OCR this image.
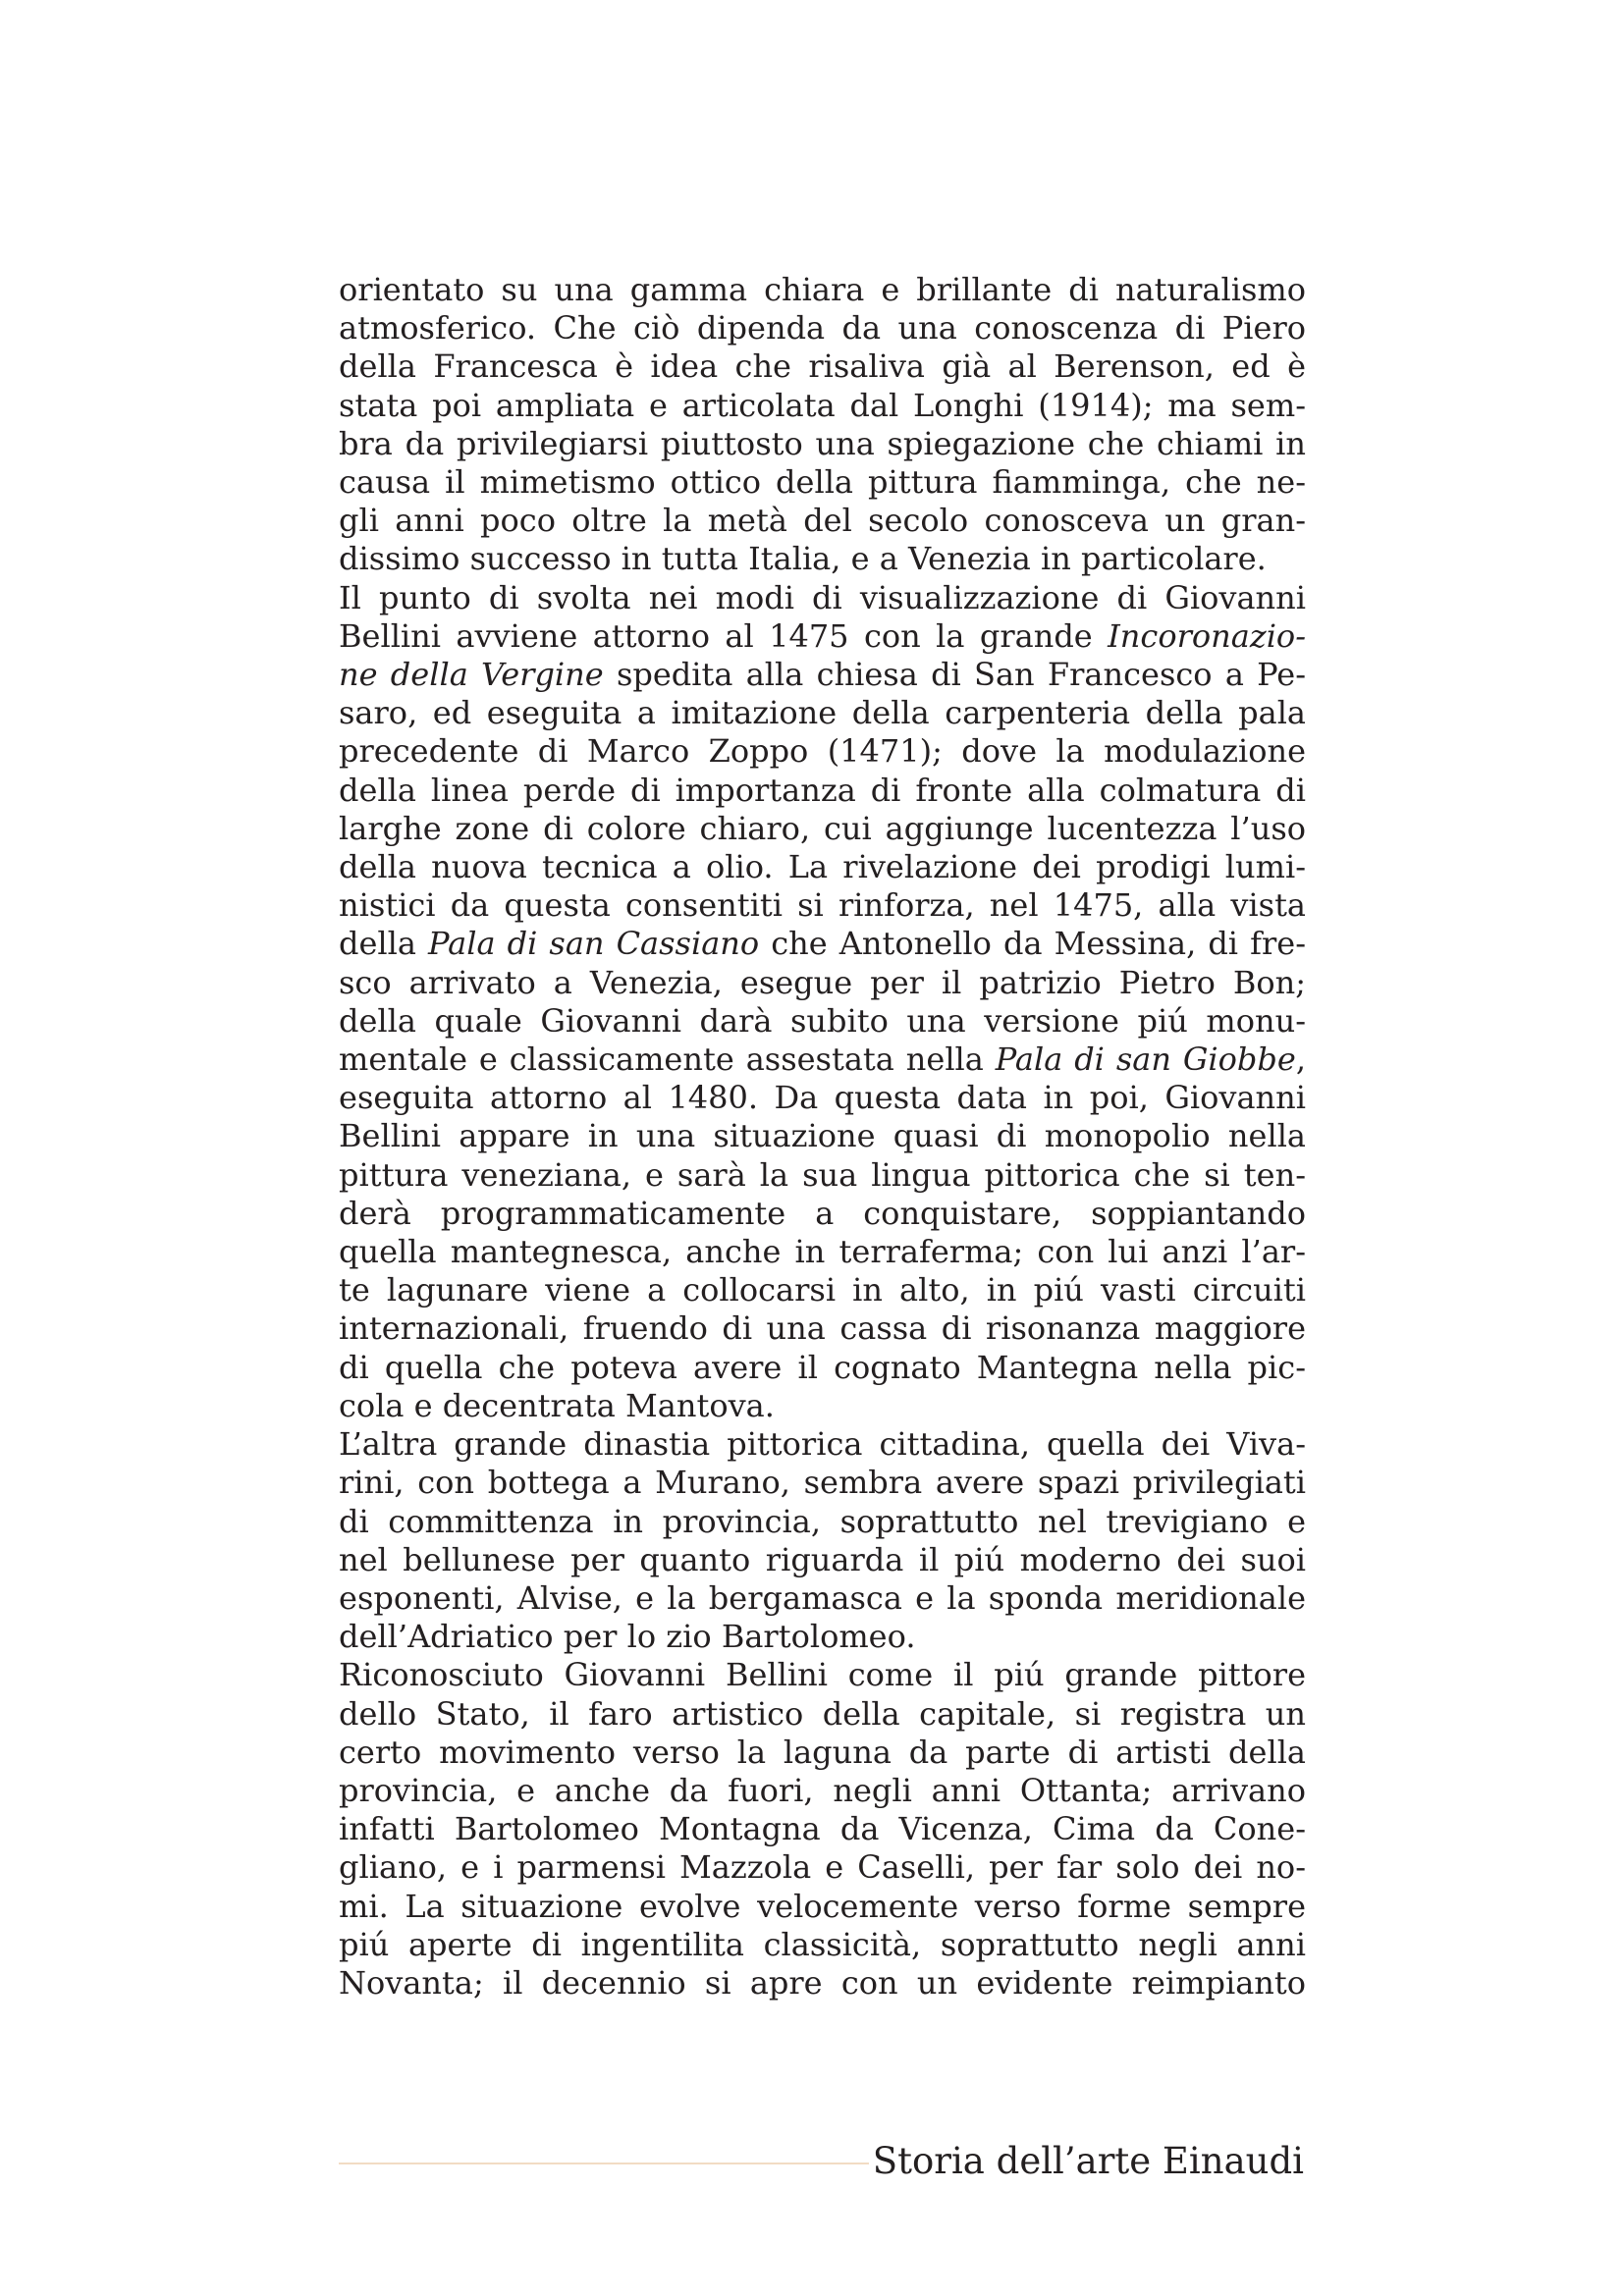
orientato su una gamma chiara e brillante di naturalismo
atmosferico. Che ciò dipenda da una conoscenza di Piero
della Francesca è idea che risaliva già al Berenson, ed è
stata poi ampliata e articolata dal Longhi (1914); ma sem-
bra da privilegiarsi piuttosto una spiegazione che chiami in
causa il mimetismo ottico della pittura fiamminga, che ne-
gli anni poco oltre la metà del secolo conosceva un gran-
dissimo successo in tutta Italia, e a Venezia in particolare.
Il punto di svolta nei modi di visualizzazione di Giovanni
Bellini avviene attorno al 1475 con la grande Incoronazio-
ne della Vergine spedita alla chiesa di San Francesco a Pe-
saro, ed eseguita a imitazione della carpenteria della pala
precedente di Marco Zoppo (1471); dove la modulazione
della linea perde di importanza di fronte alla colmatura di
larghe zone di colore chiaro, cui aggiunge lucentezza l’uso
della nuova tecnica a olio. La rivelazione dei prodigi lumi-
nistici da questa consentiti si rinforza, nel 1475, alla vista
della Pala di san Cassiano che Antonello da Messina, di fre-
sco arrivato a Venezia, esegue per il patrizio Pietro Bon;
della quale Giovanni darà subito una versione piú monu-
mentale e classicamente assestata nella Pala di san Giobbe,
eseguita attorno al 1480. Da questa data in poi, Giovanni
Bellini appare in una situazione quasi di monopolio nella
pittura veneziana, e sarà la sua lingua pittorica che si ten-
derà programmaticamente a conquistare, soppiantando
quella mantegnesca, anche in terraferma; con lui anzi l’ar-
te lagunare viene a collocarsi in alto, in piú vasti circuiti
internazionali, fruendo di una cassa di risonanza maggiore
di quella che poteva avere il cognato Mantegna nella pic-
cola e decentrata Mantova.
L’altra grande dinastia pittorica cittadina, quella dei Viva-
rini, con bottega a Murano, sembra avere spazi privilegiati
di committenza in provincia, soprattutto nel trevigiano e
nel bellunese per quanto riguarda il piú moderno dei suoi
esponenti, Alvise, e la bergamasca e la sponda meridionale
dell’Adriatico per lo zio Bartolomeo.
Riconosciuto Giovanni Bellini come il piú grande pittore
dello Stato, il faro artistico della capitale, si registra un
certo movimento verso la laguna da parte di artisti della
provincia, e anche da fuori, negli anni Ottanta; arrivano
infatti Bartolomeo Montagna da Vicenza, Cima da Cone-
gliano, e i parmensi Mazzola e Caselli, per far solo dei no-
mi. La situazione evolve velocemente verso forme sempre
piú aperte di ingentilita classicità, soprattutto negli anni
Novanta; il decennio si apre con un evidente reimpianto
Storia dell’arte Einaudi
